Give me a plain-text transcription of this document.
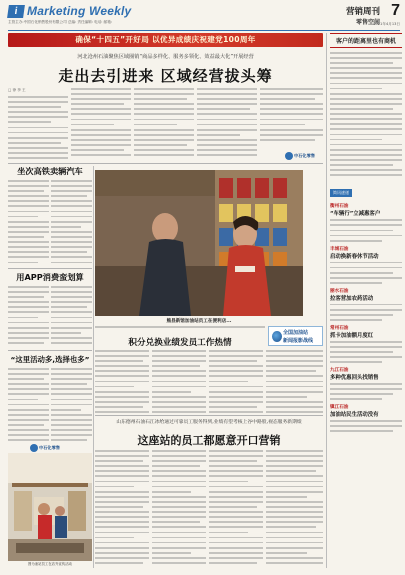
i Marketing Weekly
主管主办:中国石化销售股份有限公司 总编: 责任编辑: 电话: 邮箱:
营销周刊 7
零售空间
2021年4月13日
确保“十四五”开好局 以优异成绩庆祝建党100周年
河北沧州石油聚焦区域圈销“商品多样化、服务多领化、效益最大化”开展经营
走出去引进来 区域经营拔头筹
□ 徐 李 王
中石化零售
坐次高铁卖辆汽车
用APP消费蛮划算
“这里活动多,选择也多”
中石化零售
图为油站员工在店外宣传活动
熊县新馆加油站员工在便利店...
全国加油站
新闻报影战线
积分兑换业绩发员工作热情
山东德州石油石江冰给通过可靠员工服务得到,业绩有望考核上谷中路股,视态服务新期绩
这座站的员工都愿意开口营销
客户的距离里也有商机
简讯速递
衡州石油
“车辆行”立减惠客户
丰城石油
启动换新春休节活动
丽水石油
拉客营加农药活动
常州石油
抓卡加油额月度红
九江石油
多种优惠回头找销售
镇江石油
加油站民生活动没有
